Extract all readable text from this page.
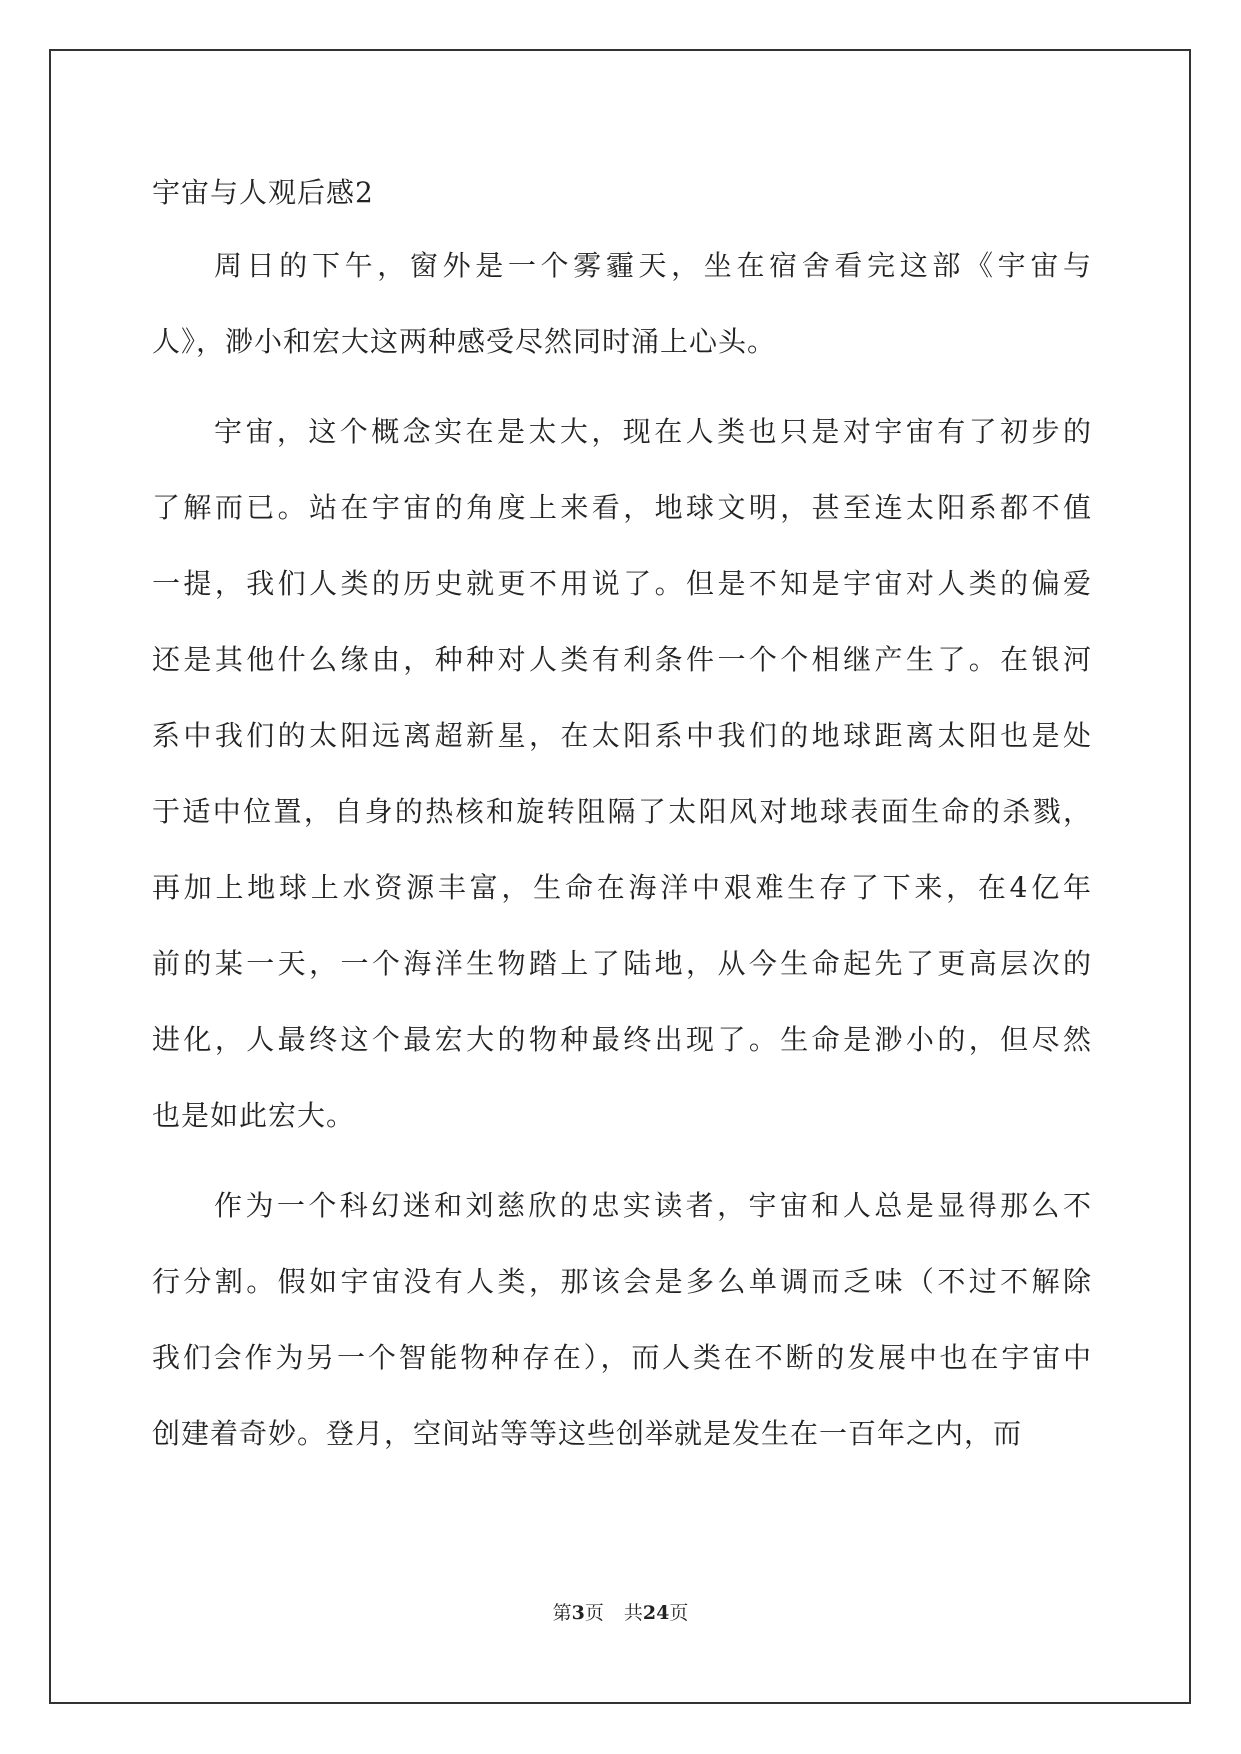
宇宙与人观后感2

周日的下午，窗外是一个雾霾天，坐在宿舍看完这部《宇宙与
人》，渺小和宏大这两种感受尽然同时涌上心头。

宇宙，这个概念实在是太大，现在人类也只是对宇宙有了初步的
了解而已。站在宇宙的角度上来看，地球文明，甚至连太阳系都不值
一提，我们人类的历史就更不用说了。但是不知是宇宙对人类的偏爱
还是其他什么缘由，种种对人类有利条件一个个相继产生了。在银河
系中我们的太阳远离超新星，在太阳系中我们的地球距离太阳也是处
于适中位置，自身的热核和旋转阻隔了太阳风对地球表面生命的杀戮，
再加上地球上水资源丰富，生命在海洋中艰难生存了下来，在4亿年
前的某一天，一个海洋生物踏上了陆地，从今生命起先了更高层次的
进化，人最终这个最宏大的物种最终出现了。生命是渺小的，但尽然
也是如此宏大。

作为一个科幻迷和刘慈欣的忠实读者，宇宙和人总是显得那么不
行分割。假如宇宙没有人类，那该会是多么单调而乏味（不过不解除
我们会作为另一个智能物种存在），而人类在不断的发展中也在宇宙中
创建着奇妙。登月，空间站等等这些创举就是发生在一百年之内，而

第3页 共24页
